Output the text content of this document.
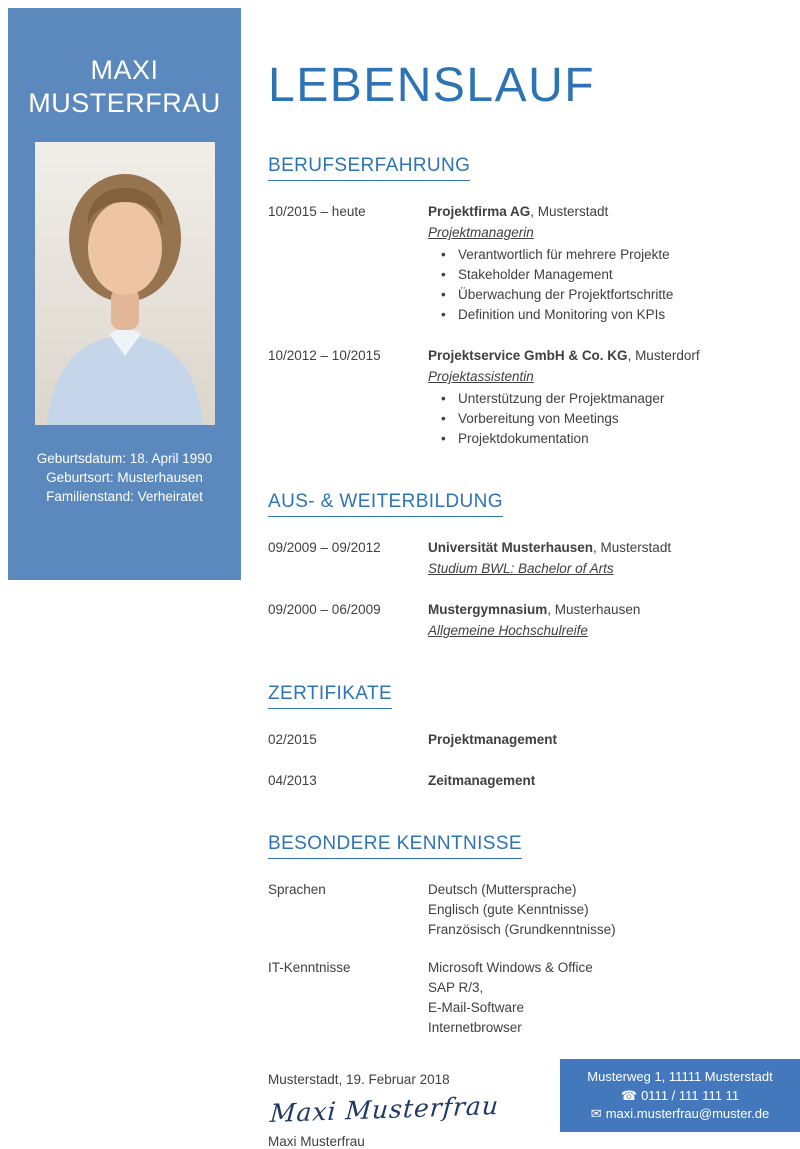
MAXI
MUSTERFRAU
Geburtsdatum: 18. April 1990
Geburtsort: Musterhausen
Familienstand: Verheiratet
LEBENSLAUF
BERUFSERFAHRUNG
10/2015 – heute	Projektfirma AG, Musterstadt
Projektmanagerin
• Verantwortlich für mehrere Projekte
• Stakeholder Management
• Überwachung der Projektfortschritte
• Definition und Monitoring von KPIs
10/2012 – 10/2015	Projektservice GmbH & Co. KG, Musterdorf
Projektassistentin
• Unterstützung der Projektmanager
• Vorbereitung von Meetings
• Projektdokumentation
AUS- & WEITERBILDUNG
09/2009 – 09/2012	Universität Musterhausen, Musterstadt
Studium BWL: Bachelor of Arts
09/2000 – 06/2009	Mustergymnasium, Musterhausen
Allgemeine Hochschulreife
ZERTIFIKATE
02/2015	Projektmanagement
04/2013	Zeitmanagement
BESONDERE KENNTNISSE
Sprachen	Deutsch (Muttersprache)
Englisch (gute Kenntnisse)
Französisch (Grundkenntnisse)
IT-Kenntnisse	Microsoft Windows & Office
SAP R/3,
E-Mail-Software
Internetbrowser
Musterstadt, 19. Februar 2018
Maxi Musterfrau
Maxi Musterfrau
Musterweg 1, 11111 Musterstadt
☎ 0111 / 111 111 11
✉ maxi.musterfrau@muster.de
